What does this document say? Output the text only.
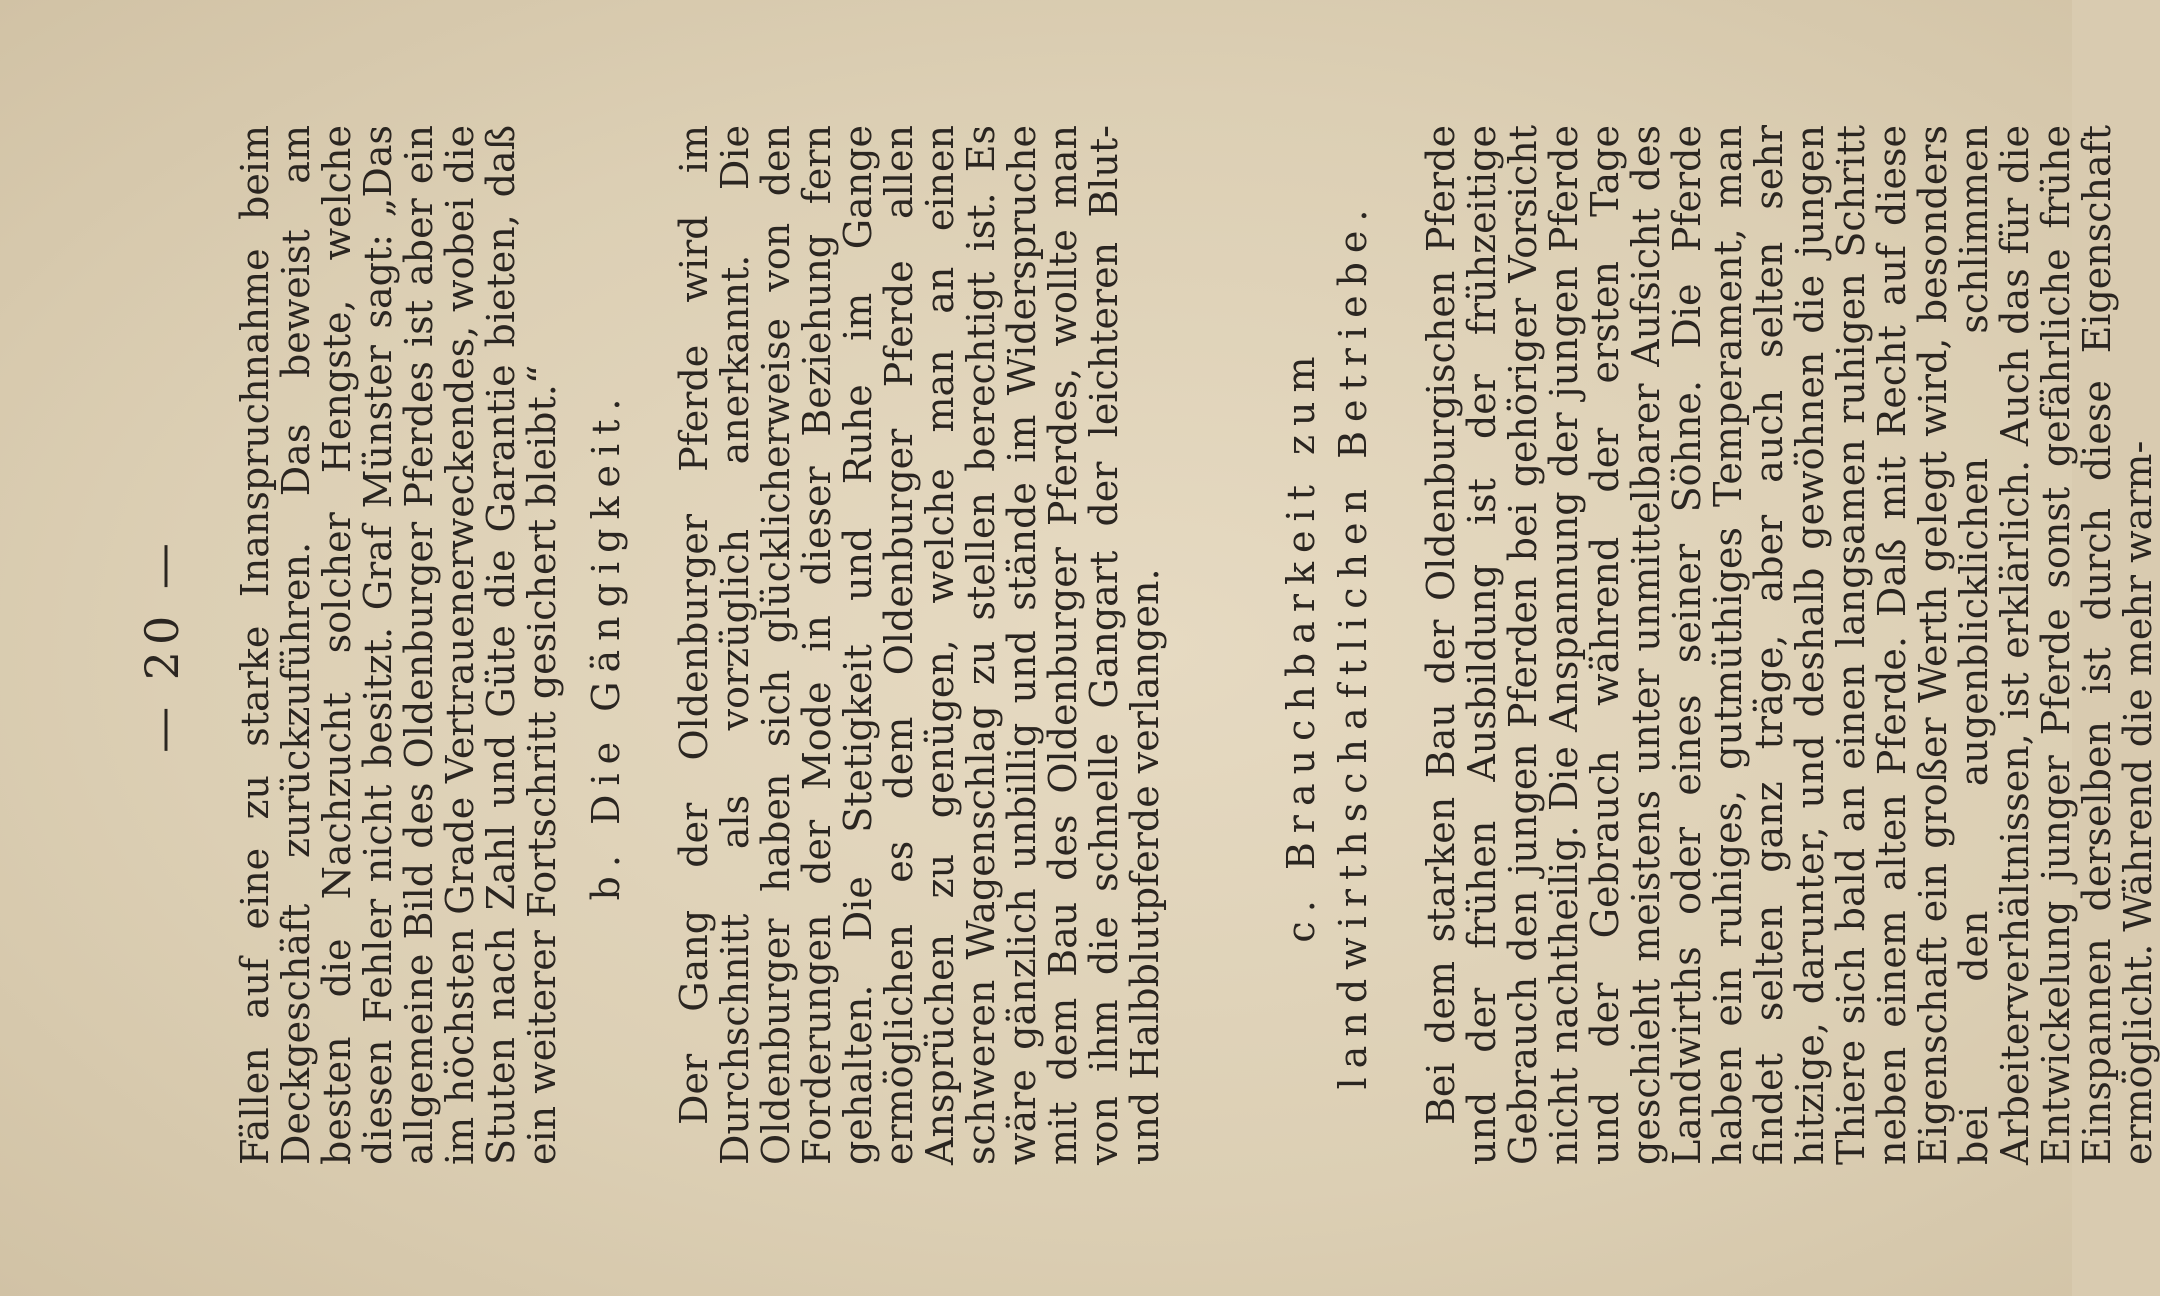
— 20 —	Fällen auf eine zu starke Inanspruchnahme beim Deckgeschäft zurückzuführen. Das beweist am besten die Nachzucht solcher Hengste, welche diesen Fehler nicht besitzt. Graf Münster sagt: „Das allgemeine Bild des Oldenburger Pferdes ist aber ein im höchsten Grade Vertrauenerweckendes, wobei die Stuten nach Zahl und Güte die Garantie bieten, daß ein weiterer Fortschritt gesichert bleibt.“ b. Die Gängigkeit. Der Gang der Oldenburger Pferde wird im Durchschnitt als vorzüglich anerkannt. Die Oldenburger haben sich glücklicherweise von den Forderungen der Mode in dieser Beziehung fern gehalten. Die Stetigkeit und Ruhe im Gange ermöglichen es dem Oldenburger Pferde allen Ansprüchen zu genügen, welche man an einen schweren Wagenschlag zu stellen berechtigt ist. Es wäre gänzlich unbillig und stände im Widerspruche mit dem Bau des Oldenburger Pferdes, wollte man von ihm die schnelle Gangart der leichteren Blut- und Halbblutpferde verlangen.	c. Brauchbarkeit zum landwirthschaftlichen Betriebe. Bei dem starken Bau der Oldenburgischen Pferde und der frühen Ausbildung ist der frühzeitige Gebrauch den jungen Pferden bei gehöriger Vorsicht nicht nachtheilig. Die Anspannung der jungen Pferde und der Gebrauch während der ersten Tage geschieht meistens unter unmittelbarer Aufsicht des Landwirths oder eines seiner Söhne. Die Pferde haben ein ruhiges, gutmüthiges Temperament, man findet selten ganz träge, aber auch selten sehr hitzige, darunter, und deshalb gewöhnen die jungen Thiere sich bald an einen langsamen ruhigen Schritt neben einem alten Pferde. Daß mit Recht auf diese Eigenschaft ein großer Werth gelegt wird, besonders bei den augenblicklichen schlimmen Arbeiterverhältnissen, ist erklärlich. Auch das für die Entwickelung junger Pferde sonst gefährliche frühe Einspannen derselben ist durch diese Eigenschaft ermöglicht. Während die mehr warm-
